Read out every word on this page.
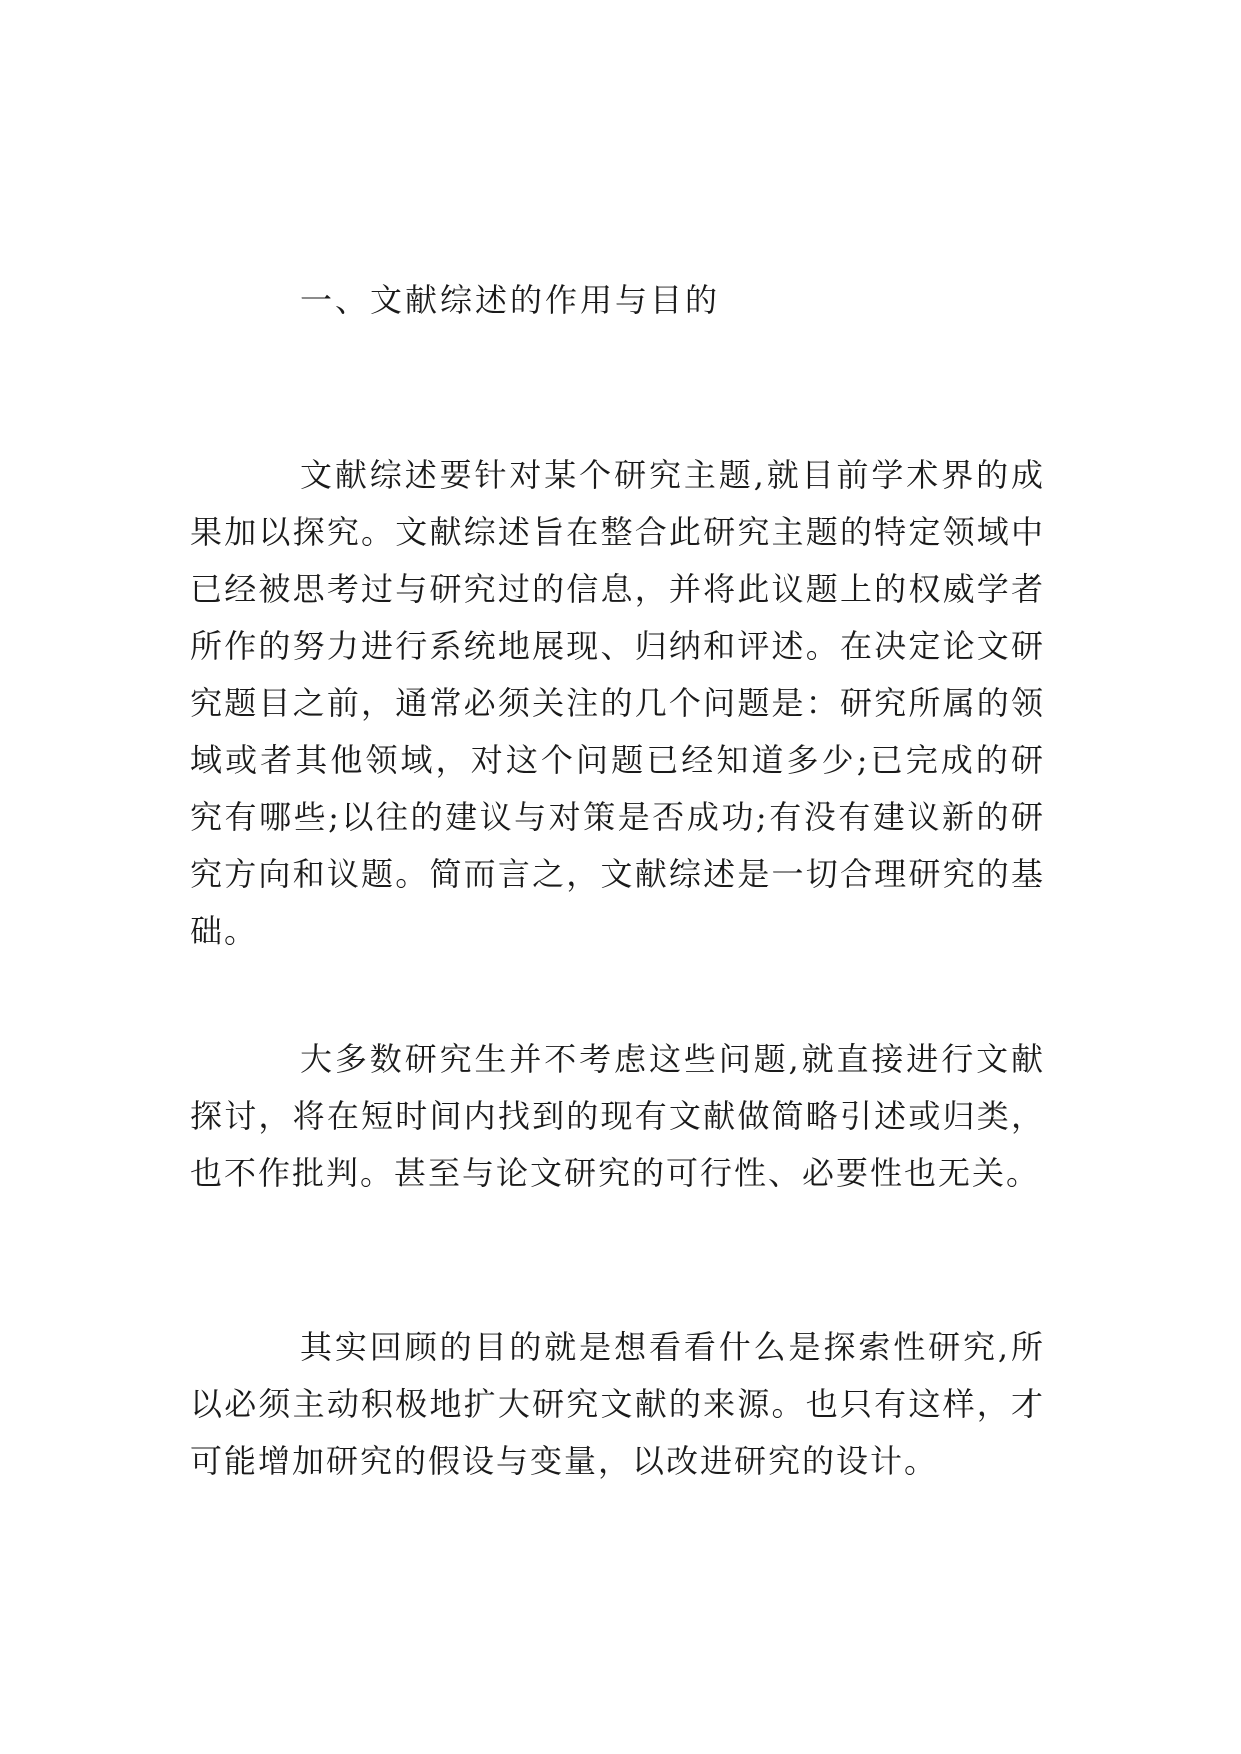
一、文献综述的作用与目的

文献综述要针对某个研究主题,就目前学术界的成果加以探究。文献综述旨在整合此研究主题的特定领域中已经被思考过与研究过的信息，并将此议题上的权威学者所作的努力进行系统地展现、归纳和评述。在决定论文研究题目之前，通常必须关注的几个问题是：研究所属的领域或者其他领域，对这个问题已经知道多少;已完成的研究有哪些;以往的建议与对策是否成功;有没有建议新的研究方向和议题。简而言之，文献综述是一切合理研究的基础。

大多数研究生并不考虑这些问题,就直接进行文献探讨，将在短时间内找到的现有文献做简略引述或归类，也不作批判。甚至与论文研究的可行性、必要性也无关。

其实回顾的目的就是想看看什么是探索性研究,所以必须主动积极地扩大研究文献的来源。也只有这样，才可能增加研究的假设与变量，以改进研究的设计。
